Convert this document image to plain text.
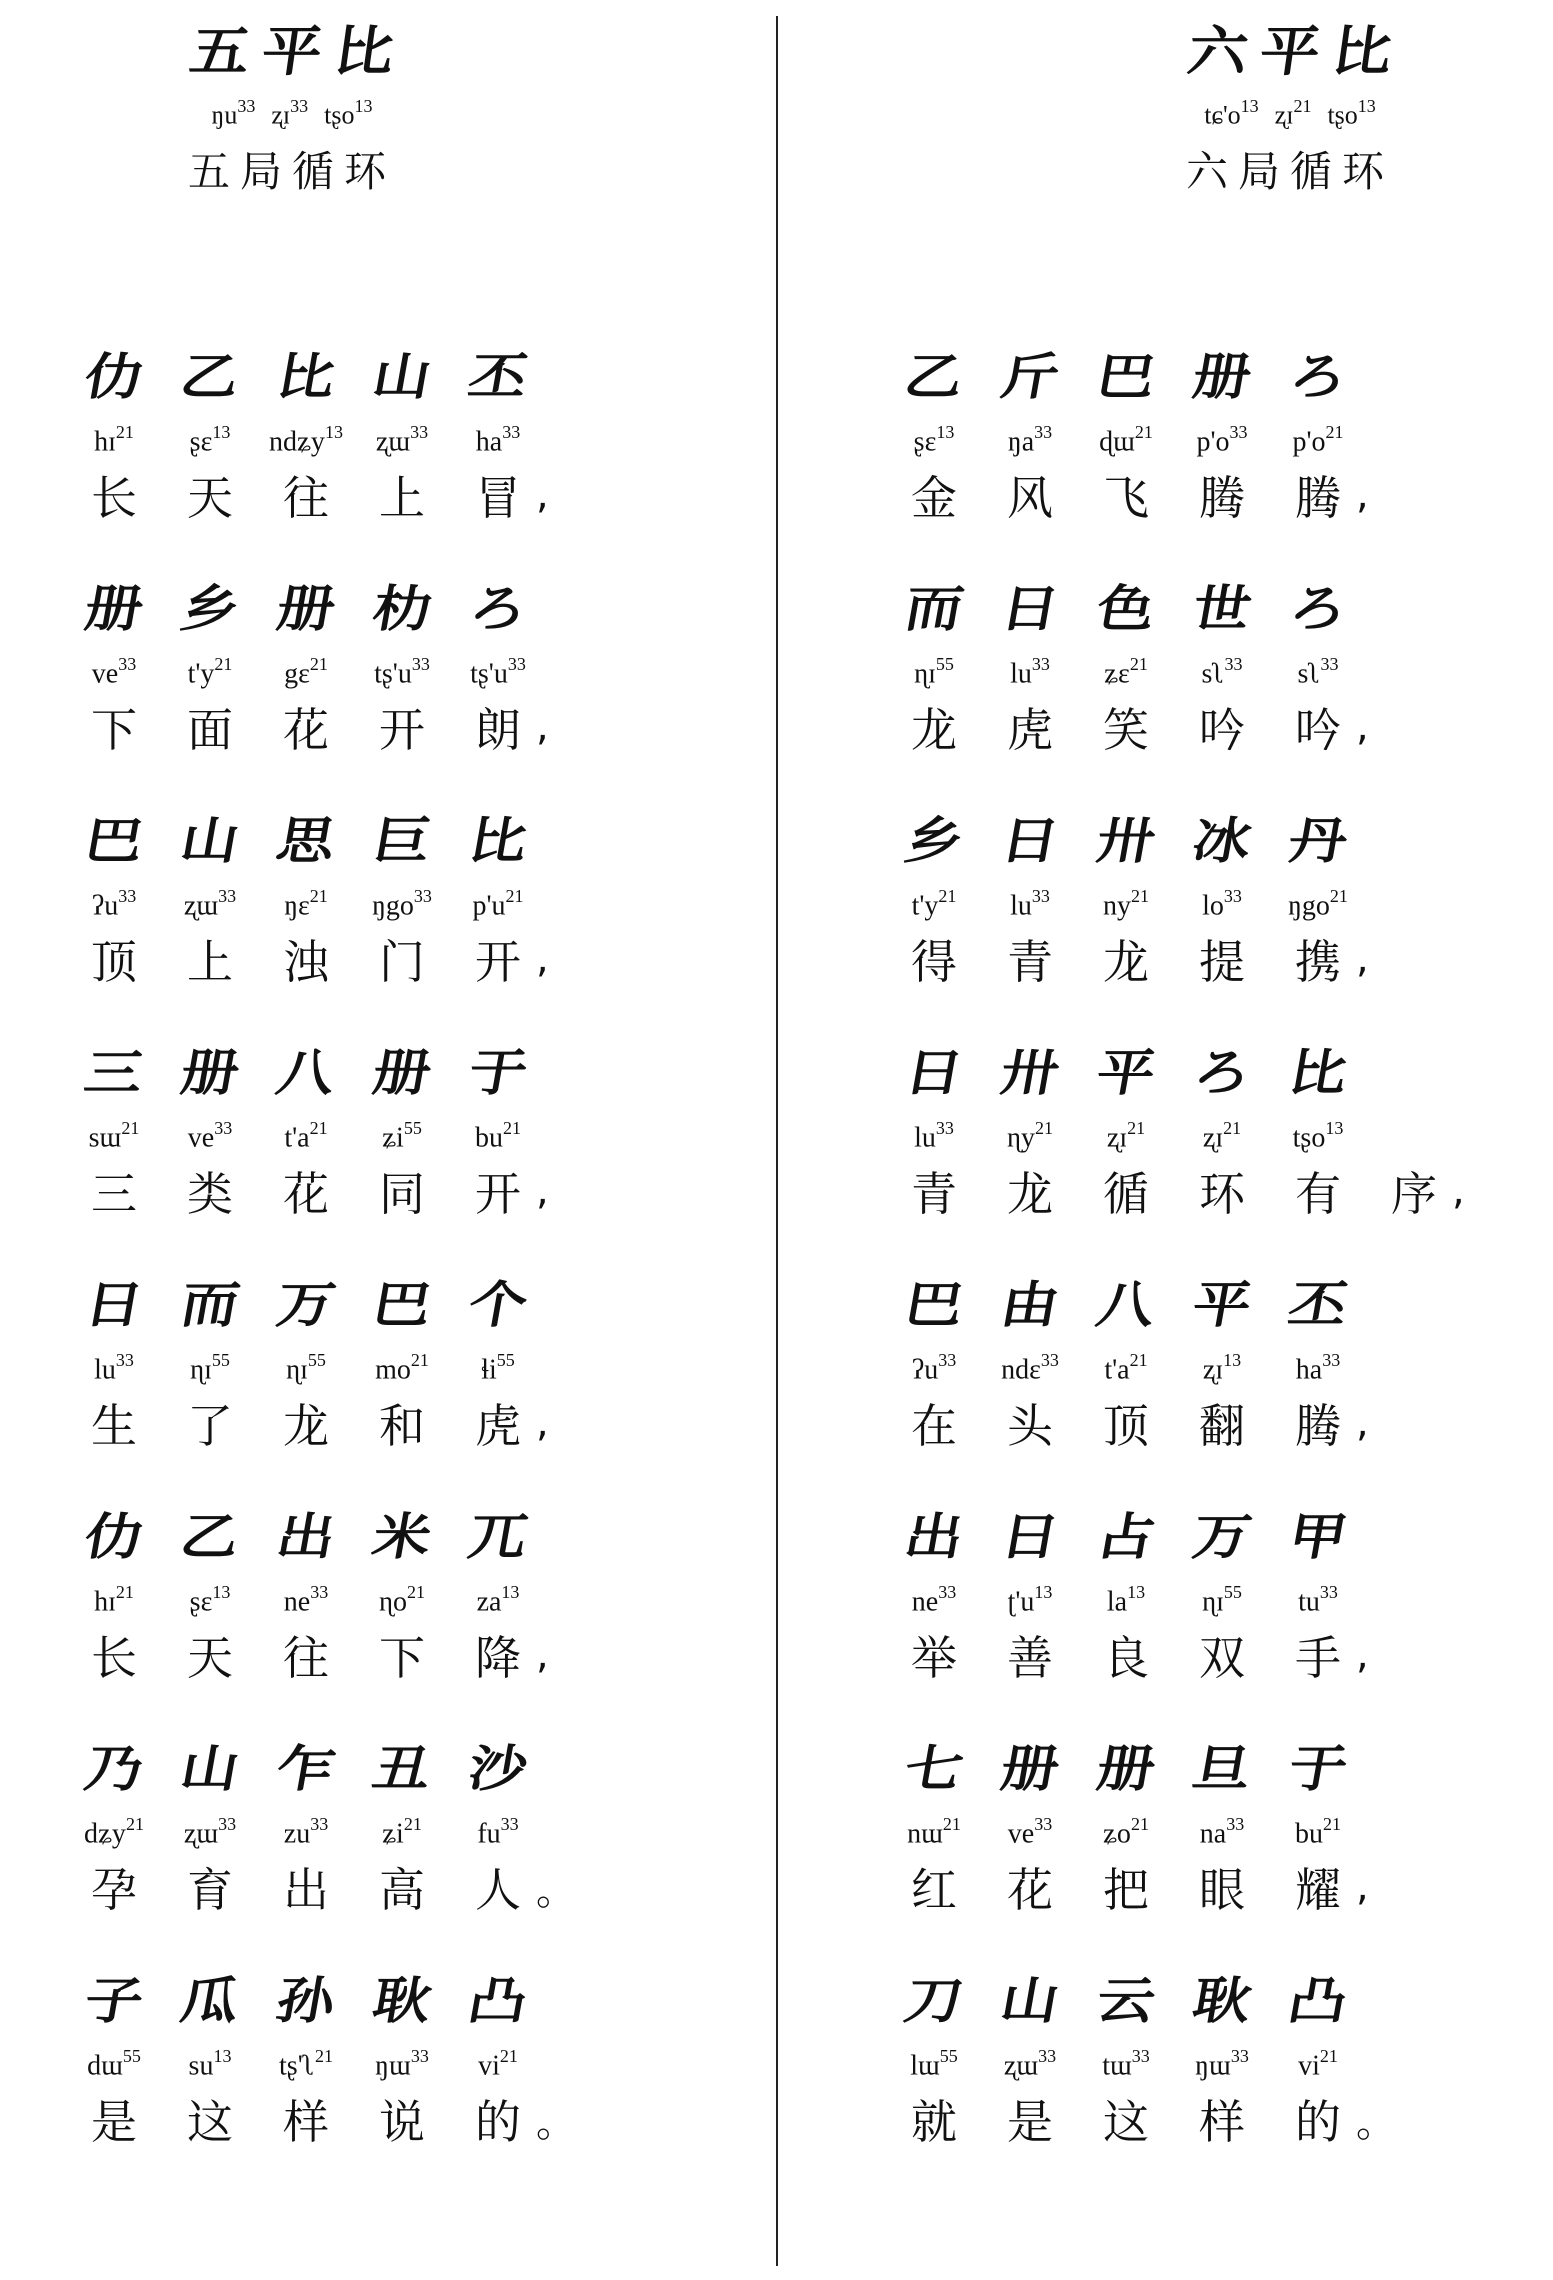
五 平 比
$ŋu^{33}$ ʐɪ$^{33}$ tʂo$^{13}$
五局循环
仂 乙 比 山 丕
hɪ$^{21}$	ʂɛ$^{13}$	ndʑy$^{13}$	ʐɯ$^{33}$	$ha^{33}$
长	天	往	上	冒 ,
册 乡 册 朸 ろ
$ve^{33}$	$t'y^{21}$	gɛ$^{21}$	$tʂ'u^{33}$	$tʂ'u^{33}$
下	面	花	开	朗 ,
巴 山 思 巨 比
ʔu$^{33}$	ʐɯ$^{33}$	ŋɛ$^{21}$	ŋgo$^{33}$	$p'u^{21}$
顶	上	浊	门	开 ,
三 册 八 册 于
sɯ$^{21}$	$ve^{33}$	$t'a^{21}$	ʑi$^{55}$	$bu^{21}$
三	类	花	同	开 ,
日 而 万 巴 个
$lu^{33}$	ɳɪ$^{55}$	ɳɪ$^{55}$	$mo^{21}$	ɬi$^{55}$
生	了	龙	和	虎 ,
仂 乙 出 米 兀
hɪ$^{21}$	ʂɛ$^{13}$	$ne^{33}$	ɳo$^{21}$	$za^{13}$
长	天	往	下	降 ,
乃 山 乍 丑 沙
dʑy$^{21}$	ʐɯ$^{33}$	$zu^{33}$	ʑi$^{21}$	$fu^{33}$
孕	育	出	高	人 。
子 瓜 孙 耿 凸
dɯ$^{55}$	$su^{13}$	tʂ'ʅ$^{21}$	ŋɯ$^{33}$	$vi^{21}$
是	这	样	说	的 。
六 平 比
$tɕ'o^{13}$ ʐɪ$^{21}$ tʂo$^{13}$
六局循环
乙 斤 巴 册 ろ
ʂɛ$^{13}$	$ŋa^{33}$	ɖɯ$^{21}$	$p'o^{33}$	$p'o^{21}$
金	风	飞	腾	腾 ,
而 日 色 世 ろ
ɳɪ$^{55}$	$lu^{33}$	ʑɛ$^{21}$	sʅ$^{33}$	sʅ$^{33}$
龙	虎	笑	吟	吟 ,
乡 日 卅 冰 丹
$t'y^{21}$	$lu^{33}$	$ny^{21}$	$lo^{33}$	ŋgo$^{21}$
得	青	龙	提	携 ,
日 卅 平 ろ 比
$lu^{33}$	ɳy$^{21}$	ʐɪ$^{21}$	ʐɪ$^{21}$	tʂo$^{13}$
青	龙	循	环	有	序 ,
巴 由 八 平 丕
ʔu$^{33}$	ndɛ$^{33}$	$t'a^{21}$	ʐɪ$^{13}$	$ha^{33}$
在	头	顶	翻	腾 ,
出 日 占 万 甲
$ne^{33}$	$ʈ'u^{13}$	$la^{13}$	ɳɪ$^{55}$	$tu^{33}$
举	善	良	双	手 ,
七 册 册 旦 于
nɯ$^{21}$	$ve^{33}$	ʑo$^{21}$	$na^{33}$	$bu^{21}$
红	花	把	眼	耀 ,
刀 山 云 耿 凸
lɯ$^{55}$	ʐɯ$^{33}$	tɯ$^{33}$	ŋɯ$^{33}$	$vi^{21}$
就	是	这	样	的 。
